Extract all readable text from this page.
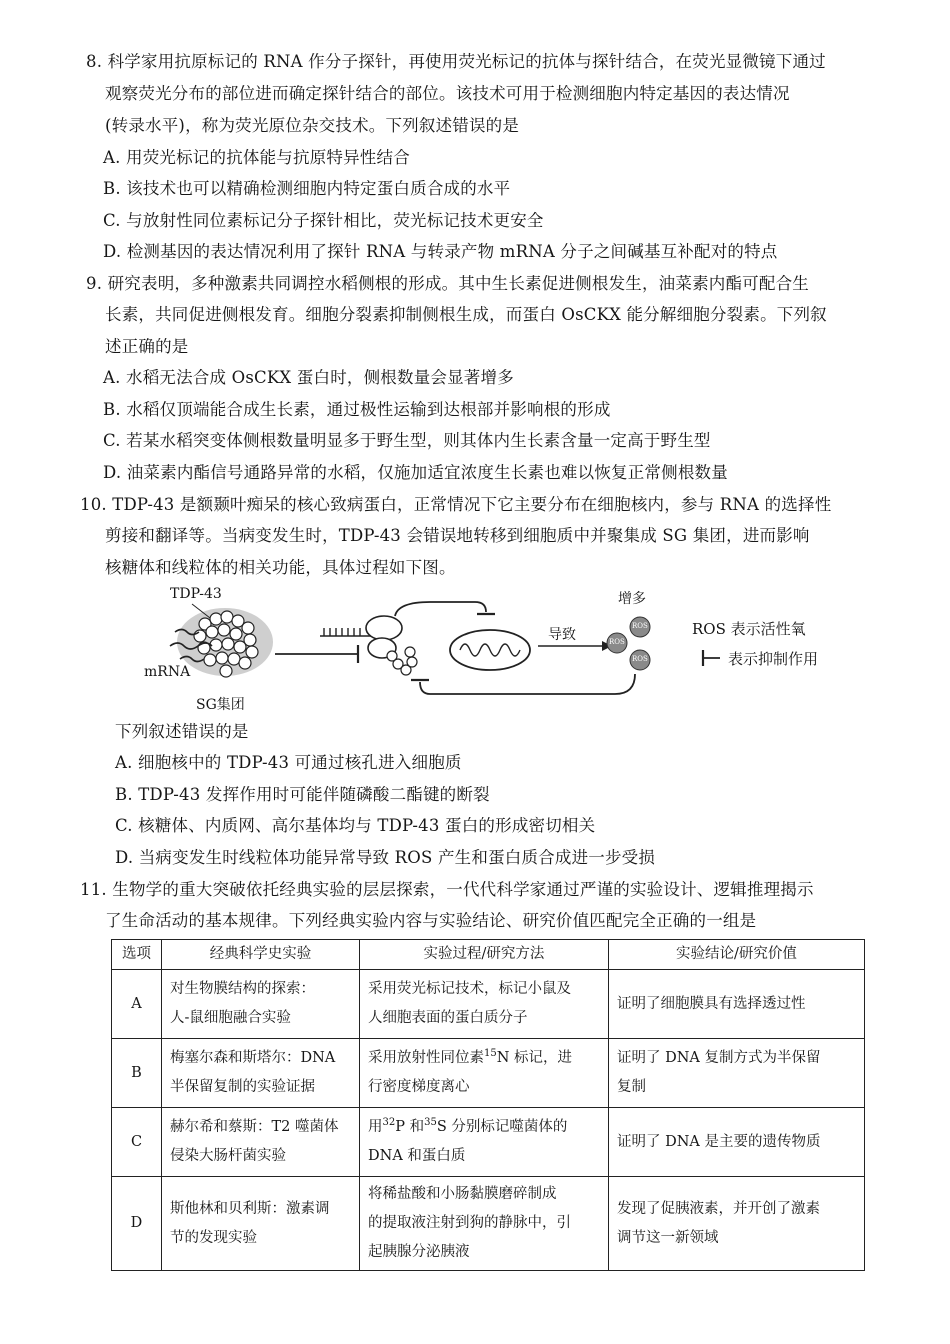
8. 科学家用抗原标记的 RNA 作分子探针，再使用荧光标记的抗体与探针结合，在荧光显微镜下通过
观察荧光分布的部位进而确定探针结合的部位。该技术可用于检测细胞内特定基因的表达情况
(转录水平)，称为荧光原位杂交技术。下列叙述错误的是
A. 用荧光标记的抗体能与抗原特异性结合
B. 该技术也可以精确检测细胞内特定蛋白质合成的水平
C. 与放射性同位素标记分子探针相比，荧光标记技术更安全
D. 检测基因的表达情况利用了探针 RNA 与转录产物 mRNA 分子之间碱基互补配对的特点
9. 研究表明，多种激素共同调控水稻侧根的形成。其中生长素促进侧根发生，油菜素内酯可配合生
长素，共同促进侧根发育。细胞分裂素抑制侧根生成，而蛋白 OsCKX 能分解细胞分裂素。下列叙
述正确的是
A. 水稻无法合成 OsCKX 蛋白时，侧根数量会显著增多
B. 水稻仅顶端能合成生长素，通过极性运输到达根部并影响根的形成
C. 若某水稻突变体侧根数量明显多于野生型，则其体内生长素含量一定高于野生型
D. 油菜素内酯信号通路异常的水稻，仅施加适宜浓度生长素也难以恢复正常侧根数量
10. TDP-43 是额颞叶痴呆的核心致病蛋白，正常情况下它主要分布在细胞核内，参与 RNA 的选择性
剪接和翻译等。当病变发生时，TDP-43 会错误地转移到细胞质中并聚集成 SG 集团，进而影响
核糖体和线粒体的相关功能，具体过程如下图。
TDP-43
mRNA
SG集团
导致
增多
ROS
ROS
ROS
ROS 表示活性氧
表示抑制作用
下列叙述错误的是
A. 细胞核中的 TDP-43 可通过核孔进入细胞质
B. TDP-43 发挥作用时可能伴随磷酸二酯键的断裂
C. 核糖体、内质网、高尔基体均与 TDP-43 蛋白的形成密切相关
D. 当病变发生时线粒体功能异常导致 ROS 产生和蛋白质合成进一步受损
11. 生物学的重大突破依托经典实验的层层探索，一代代科学家通过严谨的实验设计、逻辑推理揭示
了生命活动的基本规律。下列经典实验内容与实验结论、研究价值匹配完全正确的一组是
选项	经典科学史实验	实验过程/研究方法	实验结论/研究价值
A	对生物膜结构的探索：
人-鼠细胞融合实验	采用荧光标记技术，标记小鼠及
人细胞表面的蛋白质分子	证明了细胞膜具有选择透过性

B	梅塞尔森和斯塔尔：DNA
半保留复制的实验证据	采用放射性同位素$^{15}$N 标记，进
行密度梯度离心	证明了 DNA 复制方式为半保留
复制

C	赫尔希和蔡斯：T2 噬菌体
侵染大肠杆菌实验	用$^{32}$P 和$^{35}$S 分别标记噬菌体的
DNA 和蛋白质	证明了 DNA 是主要的遗传物质

D	斯他林和贝利斯：激素调
节的发现实验	将稀盐酸和小肠黏膜磨碎制成
的提取液注射到狗的静脉中，引
起胰腺分泌胰液	发现了促胰液素，并开创了激素
调节这一新领域
